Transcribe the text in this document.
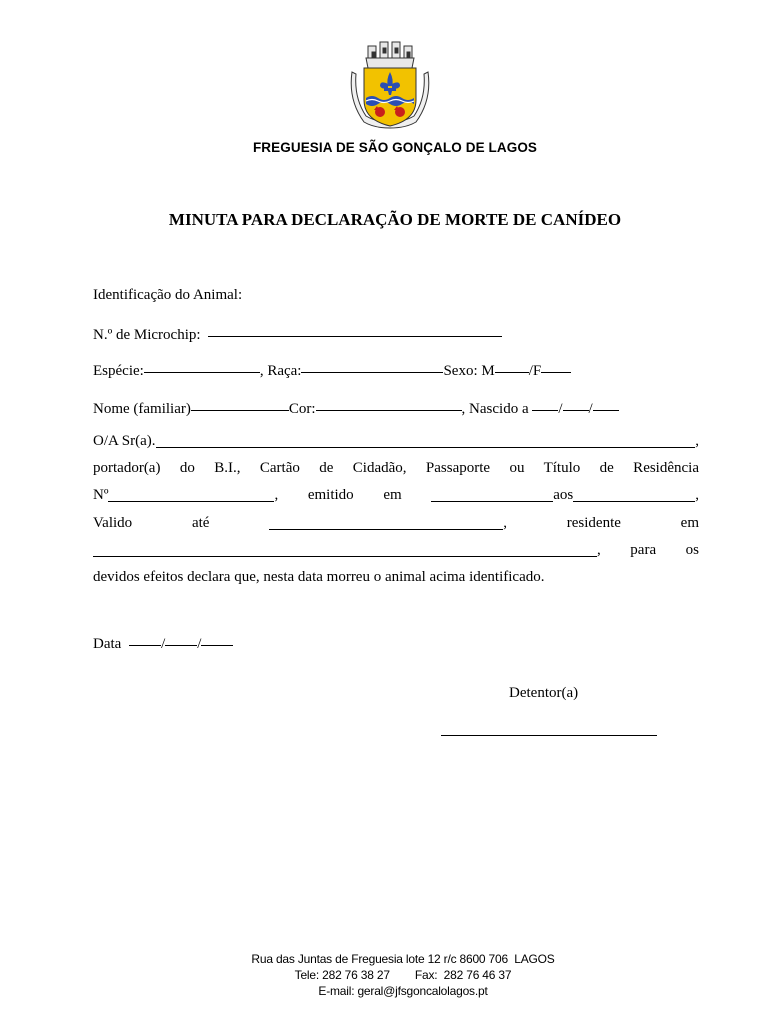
FREGUESIA DE SÃO GONÇALO DE LAGOS
MINUTA PARA DECLARAÇÃO DE MORTE DE CANÍDEO
Identificação do Animal:
N.º de Microchip:
Espécie:	, Raça:	Sexo: M /F
Nome (familiar)	Cor:	, Nascido a / /
O/A Sr(a).	,
portador(a) do B.I., Cartão de Cidadão, Passaporte ou Título de Residência
Nº	, emitido em	aos	,
Valido	até	,	residente	em
, para os
devidos efeitos declara que, nesta data morreu o animal acima identificado.
Data	/ /
Detentor(a)
Rua das Juntas de Freguesia lote 12 r/c 8600 706  LAGOS
Tele: 282 76 38 27        Fax:  282 76 46 37
E-mail: geral@jfsgoncalolagos.pt
